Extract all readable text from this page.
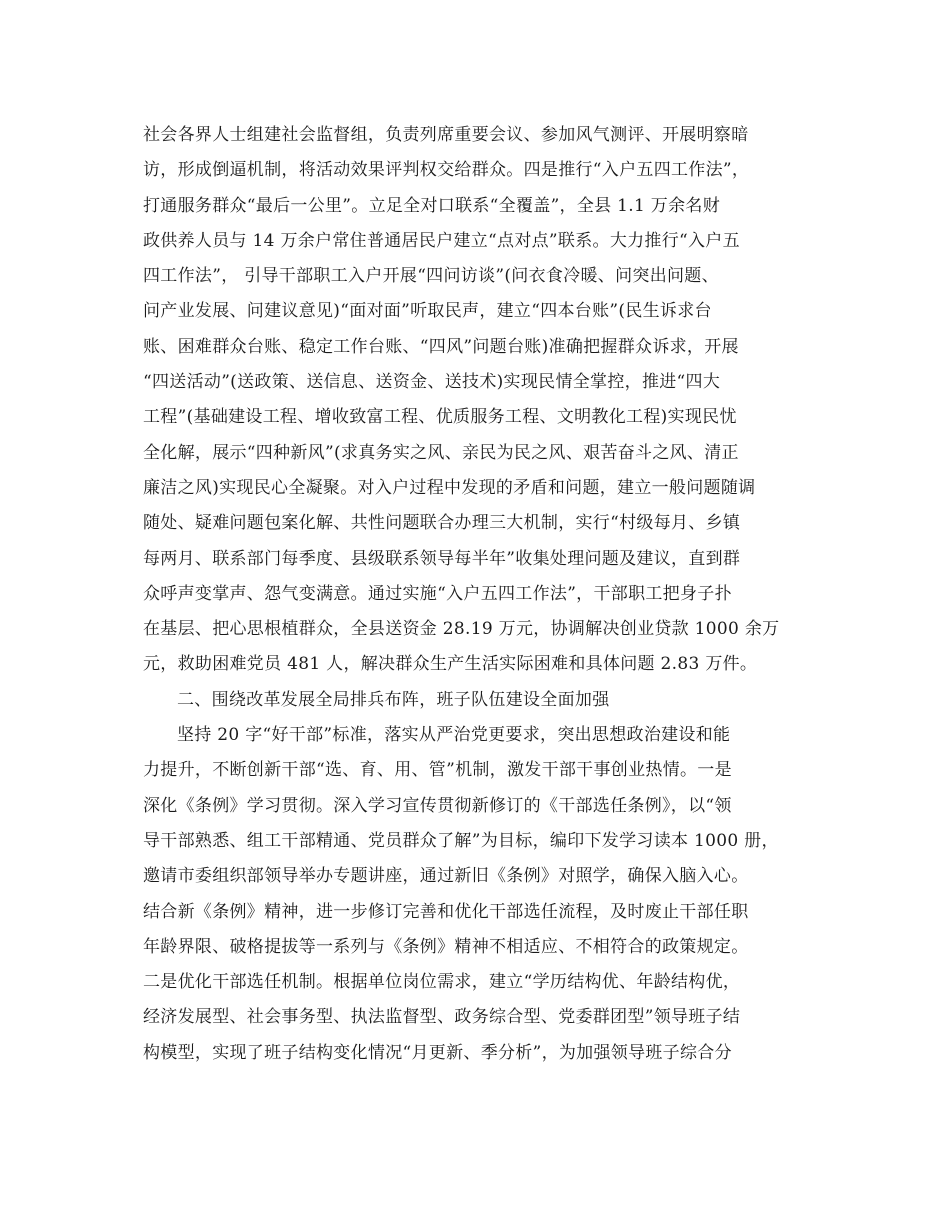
社会各界人士组建社会监督组，负责列席重要会议、参加风气测评、开展明察暗
访，形成倒逼机制，将活动效果评判权交给群众。四是推行“入户五四工作法”，
打通服务群众“最后一公里”。立足全对口联系“全覆盖”，全县 1.1 万余名财
政供养人员与 14 万余户常住普通居民户建立“点对点”联系。大力推行“入户五
四工作法”， 引导干部职工入户开展“四问访谈”(问衣食冷暖、问突出问题、
问产业发展、问建议意见)“面对面”听取民声，建立“四本台账”(民生诉求台
账、困难群众台账、稳定工作台账、“四风”问题台账)准确把握群众诉求，开展
“四送活动”(送政策、送信息、送资金、送技术)实现民情全掌控，推进“四大
工程”(基础建设工程、增收致富工程、优质服务工程、文明教化工程)实现民忧
全化解，展示“四种新风”(求真务实之风、亲民为民之风、艰苦奋斗之风、清正
廉洁之风)实现民心全凝聚。对入户过程中发现的矛盾和问题，建立一般问题随调
随处、疑难问题包案化解、共性问题联合办理三大机制，实行“村级每月、乡镇
每两月、联系部门每季度、县级联系领导每半年”收集处理问题及建议，直到群
众呼声变掌声、怨气变满意。通过实施“入户五四工作法”，干部职工把身子扑
在基层、把心思根植群众，全县送资金 28.19 万元，协调解决创业贷款 1000 余万
元，救助困难党员 481 人，解决群众生产生活实际困难和具体问题 2.83 万件。
二、围绕改革发展全局排兵布阵，班子队伍建设全面加强
坚持 20 字“好干部”标准，落实从严治党更要求，突出思想政治建设和能
力提升，不断创新干部“选、育、用、管”机制，激发干部干事创业热情。一是
深化《条例》学习贯彻。深入学习宣传贯彻新修订的《干部选任条例》，以“领
导干部熟悉、组工干部精通、党员群众了解”为目标，编印下发学习读本 1000 册，
邀请市委组织部领导举办专题讲座，通过新旧《条例》对照学，确保入脑入心。
结合新《条例》精神，进一步修订完善和优化干部选任流程，及时废止干部任职
年龄界限、破格提拔等一系列与《条例》精神不相适应、不相符合的政策规定。
二是优化干部选任机制。根据单位岗位需求，建立“学历结构优、年龄结构优，
经济发展型、社会事务型、执法监督型、政务综合型、党委群团型”领导班子结
构模型，实现了班子结构变化情况“月更新、季分析”，为加强领导班子综合分
